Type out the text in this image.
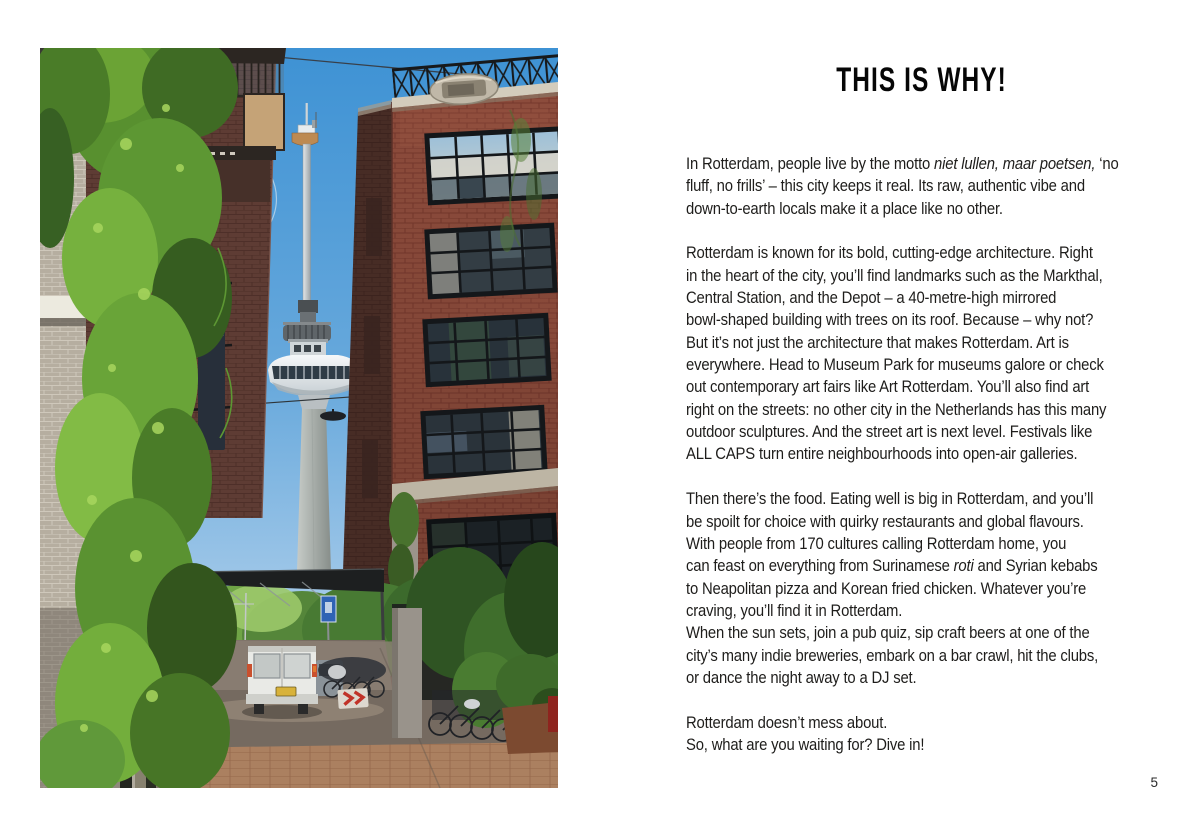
THIS IS WHY!

In Rotterdam, people live by the motto niet lullen, maar poetsen, ‘no
fluff, no frills’ – this city keeps it real. Its raw, authentic vibe and
down-to-earth locals make it a place like no other.

Rotterdam is known for its bold, cutting-edge architecture. Right
in the heart of the city, you’ll find landmarks such as the Markthal,
Central Station, and the Depot – a 40-metre-high mirrored
bowl-shaped building with trees on its roof. Because – why not?
But it’s not just the architecture that makes Rotterdam. Art is
everywhere. Head to Museum Park for museums galore or check
out contemporary art fairs like Art Rotterdam. You’ll also find art
right on the streets: no other city in the Netherlands has this many
outdoor sculptures. And the street art is next level. Festivals like
ALL CAPS turn entire neighbourhoods into open-air galleries.

Then there’s the food. Eating well is big in Rotterdam, and you’ll
be spoilt for choice with quirky restaurants and global flavours.
With people from 170 cultures calling Rotterdam home, you
can feast on everything from Surinamese roti and Syrian kebabs
to Neapolitan pizza and Korean fried chicken. Whatever you’re
craving, you’ll find it in Rotterdam.
When the sun sets, join a pub quiz, sip craft beers at one of the
city’s many indie breweries, embark on a bar crawl, hit the clubs,
or dance the night away to a DJ set.

Rotterdam doesn’t mess about.
So, what are you waiting for? Dive in!

5
